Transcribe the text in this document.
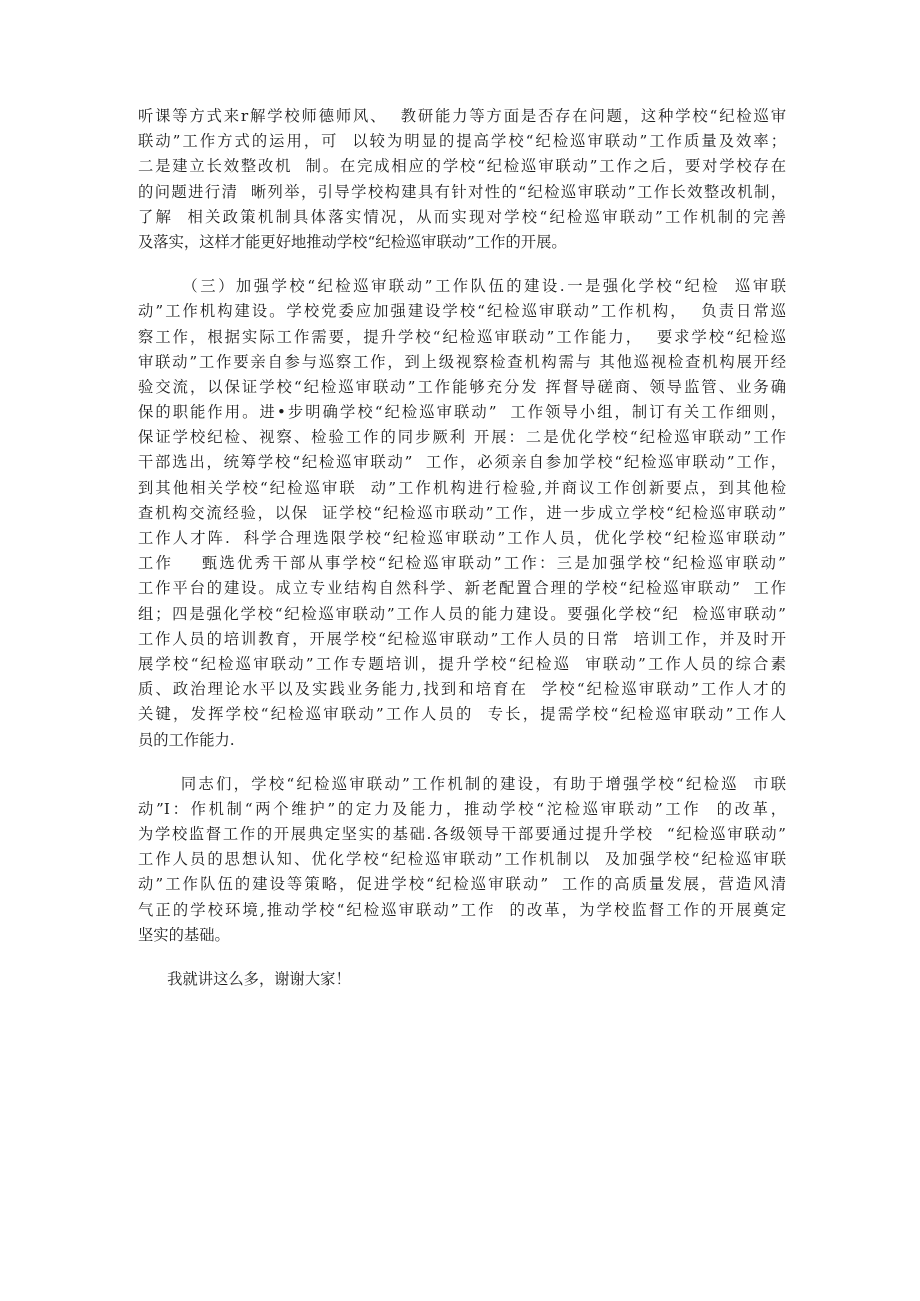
听课等方式来r解学校师德师风、  教研能力等方面是否存在问题，这种学校“纪检巡审
联动”工作方式的运用，可  以较为明显的提高学校“纪检巡审联动”工作质量及效率；
二是建立长效整改机  制。在完成相应的学校“纪检巡审联动”工作之后，要对学校存在
的问题进行清  晰列举，引导学校构建具有针对性的“纪检巡审联动”工作长效整改机制，
了解  相关政策机制具体落实情况，从而实现对学校“纪检巡审联动”工作机制的完善
及落实，这样才能更好地推动学校“纪检巡审联动”工作的开展。
（三）加强学校“纪检巡审联动”工作队伍的建设.一是强化学校“纪检  巡审联
动”工作机构建设。学校党委应加强建设学校“纪检巡审联动”工作机构，  负责日常巡
察工作，根据实际工作需要，提升学校“纪检巡审联动”工作能力，  要求学校“纪检巡
审联动”工作要亲自参与巡察工作，到上级视察检查机构需与 其他巡视检查机构展开经
验交流，以保证学校“纪检巡审联动”工作能够充分发 挥督导磋商、领导监管、业务确
保的职能作用。进•步明确学校“纪检巡审联动”  工作领导小组，制订有关工作细则，
保证学校纪检、视察、检验工作的同步厥利 开展：二是优化学校“纪检巡审联动”工作
干部选出，统筹学校“纪检巡审联动”  工作，必须亲自参加学校“纪检巡审联动”工作，
到其他相关学校“纪检巡审联  动”工作机构进行检验,并商议工作创新要点，到其他检
查机构交流经验，以保  证学校“纪检巡市联动”工作，进一步成立学校“纪检巡审联动”
工作人才阵.  科学合理选限学校“纪检巡审联动”工作人员，优化学校“纪检巡审联动”
工作    甄选优秀干部从事学校“纪检巡审联动”工作：三是加强学校“纪检巡审联动”
工作平台的建设。成立专业结构自然科学、新老配置合理的学校“纪检巡审联动”  工作
组；四是强化学校“纪检巡审联动”工作人员的能力建设。要强化学校“纪  检巡审联动”
工作人员的培训教育，开展学校“纪检巡审联动”工作人员的日常  培训工作，并及时开
展学校“纪检巡审联动”工作专题培训，提升学校“纪检巡  审联动”工作人员的综合素
质、政治理论水平以及实践业务能力,找到和培育在  学校“纪检巡审联动”工作人才的
关键，发挥学校“纪检巡审联动”工作人员的  专长，提需学校“纪检巡审联动”工作人
员的工作能力.
同志们，学校“纪检巡审联动”工作机制的建设，有助于增强学校“纪检巡  市联
动”I：作机制“两个维护”的定力及能力，推动学校“沱检巡审联动”工作  的改革，
为学校监督工作的开展典定坚实的基础.各级领导干部要通过提升学校  “纪检巡审联动”
工作人员的思想认知、优化学校“纪检巡审联动”工作机制以  及加强学校“纪检巡审联
动”工作队伍的建设等策略，促进学校“纪检巡审联动”  工作的高质量发展，营造风清
气正的学校环境,推动学校“纪检巡审联动”工作  的改革，为学校监督工作的开展奠定
坚实的基础。
我就讲这么多，谢谢大家！
